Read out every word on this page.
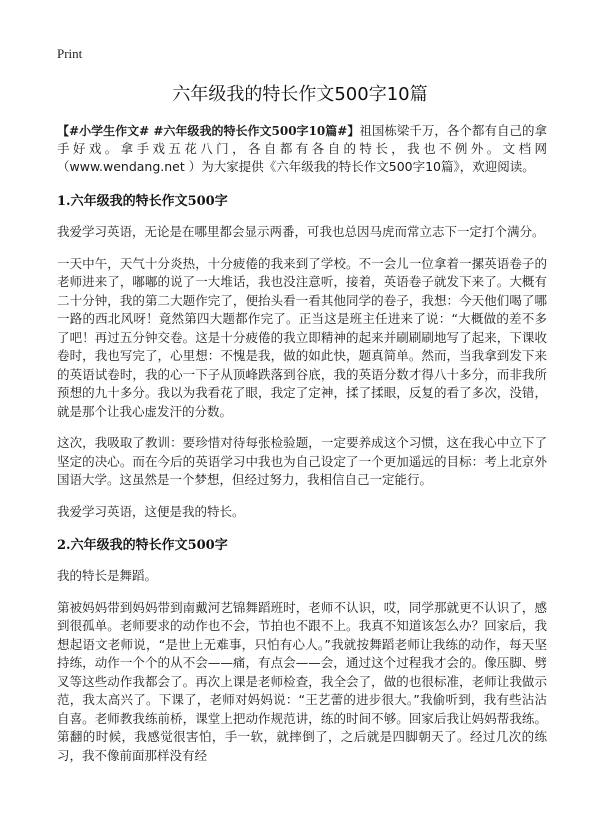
Print
六年级我的特长作文500字10篇

【#小学生作文# #六年级我的特长作文500字10篇#】祖国栋梁千万，各个都有自己的拿手好戏。拿手戏五花八门，各自都有各自的特长，我也不例外。文档网（www.wendang.net ）为大家提供《六年级我的特长作文500字10篇》，欢迎阅读。

1.六年级我的特长作文500字

我爱学习英语，无论是在哪里都会显示两番，可我也总因马虎而常立志下一定打个满分。

一天中午，天气十分炎热，十分疲倦的我来到了学校。不一会儿一位拿着一摞英语卷子的老师进来了，嘟嘟的说了一大堆话，我也没注意听，接着，英语卷子就发下来了。大概有二十分钟，我的第二大题作完了，便抬头看一看其他同学的卷子，我想：今天他们喝了哪一路的西北风呀！竟然第四大题都作完了。正当这是班主任进来了说：“大概做的差不多了吧！再过五分钟交卷。这是十分疲倦的我立即精神的起来并刷刷刷地写了起来，下课收卷时，我也写完了，心里想：不愧是我，做的如此快，题真简单。然而，当我拿到发下来的英语试卷时，我的心一下子从顶峰跌落到谷底，我的英语分数才得八十多分，而非我所预想的九十多分。我以为我看花了眼，我定了定神，揉了揉眼，反复的看了多次，没错，就是那个让我心虚发汗的分数。

这次，我吸取了教训：要珍惜对待每张检验题，一定要养成这个习惯，这在我心中立下了坚定的决心。而在今后的英语学习中我也为自己设定了一个更加遥远的目标：考上北京外国语大学。这虽然是一个梦想，但经过努力，我相信自己一定能行。

我爱学习英语，这便是我的特长。

2.六年级我的特长作文500字

我的特长是舞蹈。

第被妈妈带到妈妈带到南戴河艺锦舞蹈班时，老师不认识，哎，同学那就更不认识了，感到很孤单。老师要求的动作也不会，节拍也不跟不上。我真不知道该怎么办？回家后，我想起语文老师说，“是世上无难事，只怕有心人。”我就按舞蹈老师让我练的动作，每天坚持练，动作一个个的从不会——痛，有点会——会，通过这个过程我才会的。像压脚、劈叉等这些动作我都会了。再次上课是老师检查，我全会了，做的也很标准，老师让我做示范，我太高兴了。下课了，老师对妈妈说：“王艺蕾的进步很大。”我偷听到，我有些沾沾自喜。老师教我练前桥，课堂上把动作规范讲，练的时间不够。回家后我让妈妈帮我练。第翻的时候，我感觉很害怕，手一软，就摔倒了，之后就是四脚朝天了。经过几次的练习，我不像前面那样没有经
